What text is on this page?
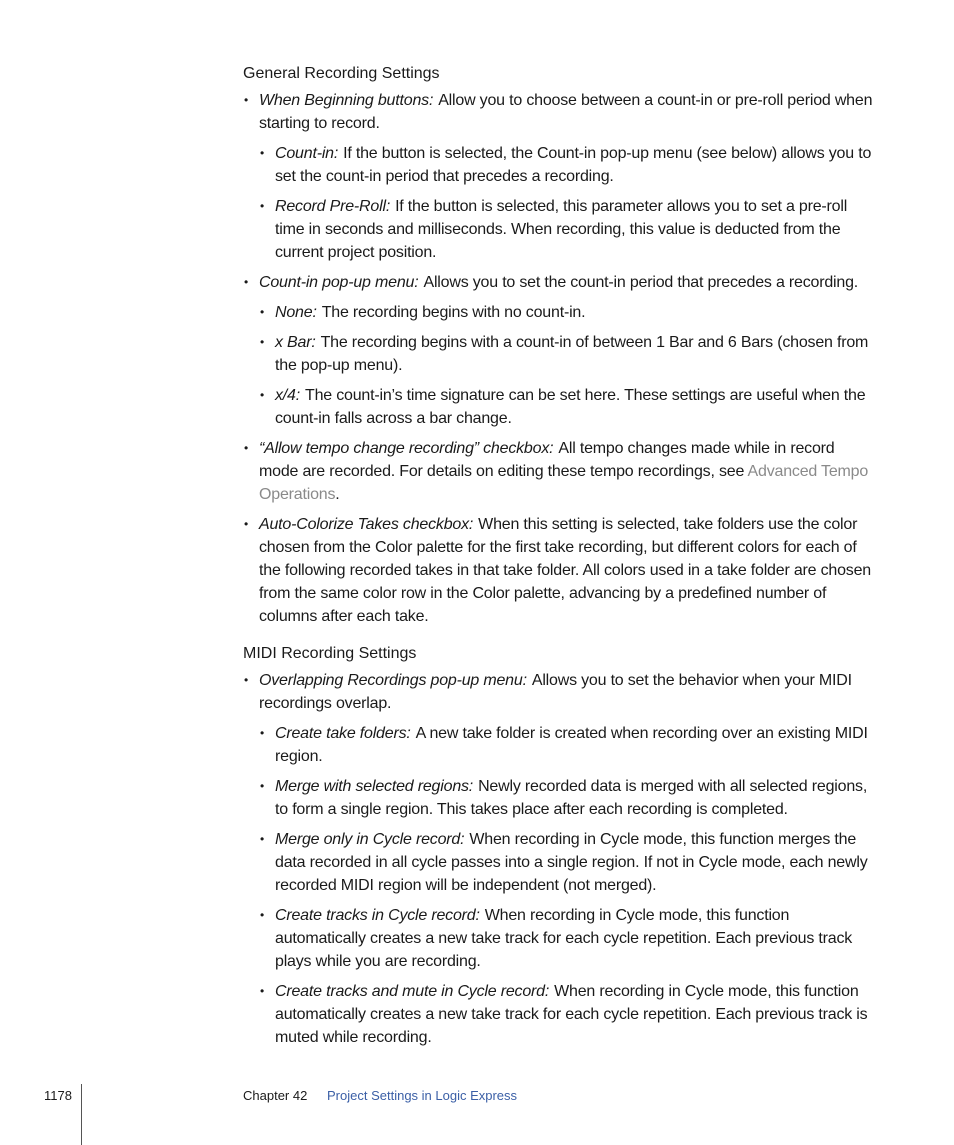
General Recording Settings
• When Beginning buttons: Allow you to choose between a count-in or pre-roll period when starting to record.
• Count-in: If the button is selected, the Count-in pop-up menu (see below) allows you to set the count-in period that precedes a recording.
• Record Pre-Roll: If the button is selected, this parameter allows you to set a pre-roll time in seconds and milliseconds. When recording, this value is deducted from the current project position.
• Count-in pop-up menu: Allows you to set the count-in period that precedes a recording.
• None: The recording begins with no count-in.
• x Bar: The recording begins with a count-in of between 1 Bar and 6 Bars (chosen from the pop-up menu).
• x/4: The count-in’s time signature can be set here. These settings are useful when the count-in falls across a bar change.
• “Allow tempo change recording” checkbox: All tempo changes made while in record mode are recorded. For details on editing these tempo recordings, see Advanced Tempo Operations.
• Auto-Colorize Takes checkbox: When this setting is selected, take folders use the color chosen from the Color palette for the first take recording, but different colors for each of the following recorded takes in that take folder. All colors used in a take folder are chosen from the same color row in the Color palette, advancing by a predefined number of columns after each take.
MIDI Recording Settings
• Overlapping Recordings pop-up menu: Allows you to set the behavior when your MIDI recordings overlap.
• Create take folders: A new take folder is created when recording over an existing MIDI region.
• Merge with selected regions: Newly recorded data is merged with all selected regions, to form a single region. This takes place after each recording is completed.
• Merge only in Cycle record: When recording in Cycle mode, this function merges the data recorded in all cycle passes into a single region. If not in Cycle mode, each newly recorded MIDI region will be independent (not merged).
• Create tracks in Cycle record: When recording in Cycle mode, this function automatically creates a new take track for each cycle repetition. Each previous track plays while you are recording.
• Create tracks and mute in Cycle record: When recording in Cycle mode, this function automatically creates a new take track for each cycle repetition. Each previous track is muted while recording.
1178	Chapter 42 Project Settings in Logic Express
